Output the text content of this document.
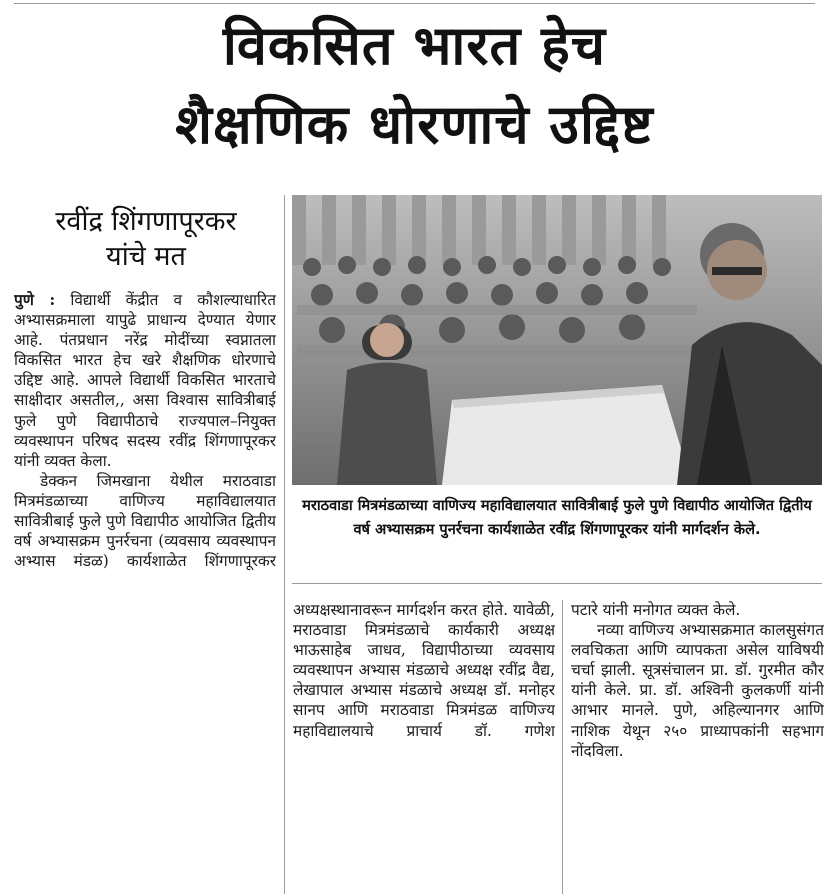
विकसित भारत हेच
शैक्षणिक धोरणाचे उद्दिष्ट
रवींद्र शिंगणापूरकर
यांचे मत

पुणे : विद्यार्थी केंद्रीत व कौशल्याधारित अभ्यासक्रमाला यापुढे प्राधान्य देण्यात येणार आहे. पंतप्रधान नरेंद्र मोदींच्या स्वप्नातला विकसित भारत हेच खरे शैक्षणिक धोरणाचे उद्दिष्ट आहे. आपले विद्यार्थी विकसित भारताचे साक्षीदार असतील,, असा विश्वास सावित्रीबाई फुले पुणे विद्यापीठाचे राज्यपाल–नियुक्त व्यवस्थापन परिषद सदस्य रवींद्र शिंगणापूरकर यांनी व्यक्त केला.

डेक्कन जिमखाना येथील मराठवाडा मित्रमंडळाच्या वाणिज्य महाविद्यालयात सावित्रीबाई फुले पुणे विद्यापीठ आयोजित द्वितीय वर्ष अभ्यासक्रम पुनर्रचना (व्यवसाय व्यवस्थापन अभ्यास मंडळ) कार्यशाळेत शिंगणापूरकर

मराठवाडा मित्रमंडळाच्या वाणिज्य महाविद्यालयात सावित्रीबाई फुले पुणे विद्यापीठ आयोजित द्वितीय वर्ष अभ्यासक्रम पुनर्रचना कार्यशाळेत रवींद्र शिंगणापूरकर यांनी मार्गदर्शन केले.

अध्यक्षस्थानावरून मार्गदर्शन करत होते. यावेळी, मराठवाडा मित्रमंडळाचे कार्यकारी अध्यक्ष भाऊसाहेब जाधव, विद्यापीठाच्या व्यवसाय व्यवस्थापन अभ्यास मंडळाचे अध्यक्ष रवींद्र वैद्य, लेखापाल अभ्यास मंडळाचे अध्यक्ष डॉ. मनोहर सानप आणि मराठवाडा मित्रमंडळ वाणिज्य महाविद्यालयाचे प्राचार्य डॉ. गणेश

पटारे यांनी मनोगत व्यक्त केले.

नव्या वाणिज्य अभ्यासक्रमात कालसुसंगत लवचिकता आणि व्यापकता असेल याविषयी चर्चा झाली. सूत्रसंचालन प्रा. डॉ. गुरमीत कौर यांनी केले. प्रा. डॉ. अश्विनी कुलकर्णी यांनी आभार मानले. पुणे, अहिल्यानगर आणि नाशिक येथून २५० प्राध्यापकांनी सहभाग नोंदविला.
